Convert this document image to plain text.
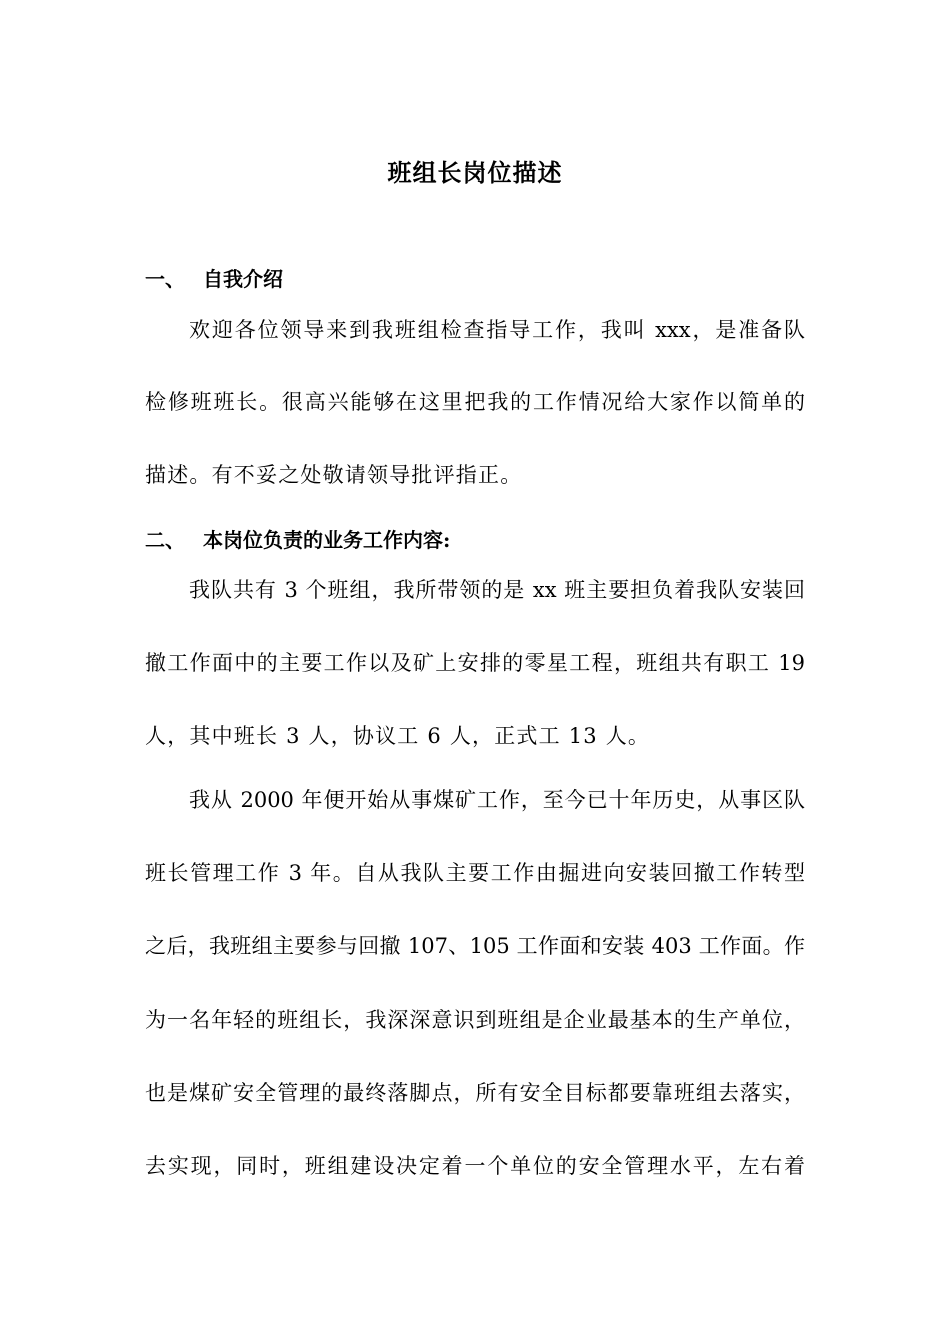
班组长岗位描述
一、 自我介绍
欢迎各位领导来到我班组检查指导工作，我叫 xxx，是准备队
检修班班长。很高兴能够在这里把我的工作情况给大家作以简单的
描述。有不妥之处敬请领导批评指正。
二、 本岗位负责的业务工作内容:
我队共有 3 个班组，我所带领的是 xx 班主要担负着我队安装回
撤工作面中的主要工作以及矿上安排的零星工程，班组共有职工 19
人，其中班长 3 人，协议工 6 人，正式工 13 人。
我从 2000 年便开始从事煤矿工作，至今已十年历史，从事区队
班长管理工作 3 年。自从我队主要工作由掘进向安装回撤工作转型
之后，我班组主要参与回撤 107、105 工作面和安装 403 工作面。作
为一名年轻的班组长，我深深意识到班组是企业最基本的生产单位，
也是煤矿安全管理的最终落脚点，所有安全目标都要靠班组去落实，
去实现，同时，班组建设决定着一个单位的安全管理水平，左右着
